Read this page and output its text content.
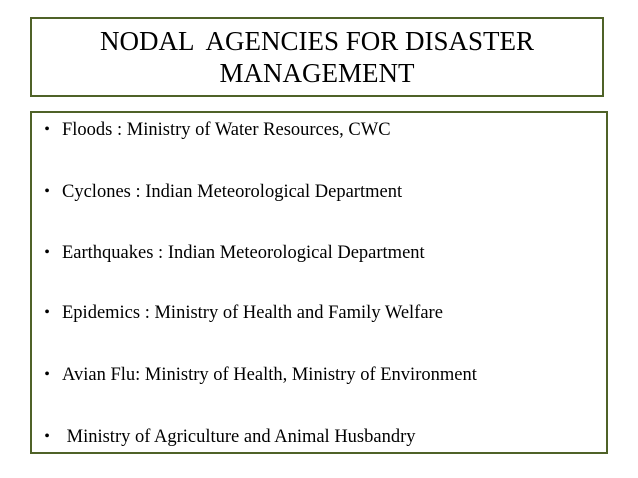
NODAL  AGENCIES FOR DISASTER MANAGEMENT
• Floods : Ministry of Water Resources, CWC
• Cyclones : Indian Meteorological Department
• Earthquakes : Indian Meteorological Department
• Epidemics : Ministry of Health and Family Welfare
• Avian Flu: Ministry of Health, Ministry of Environment
• Ministry of Agriculture and Animal Husbandry
